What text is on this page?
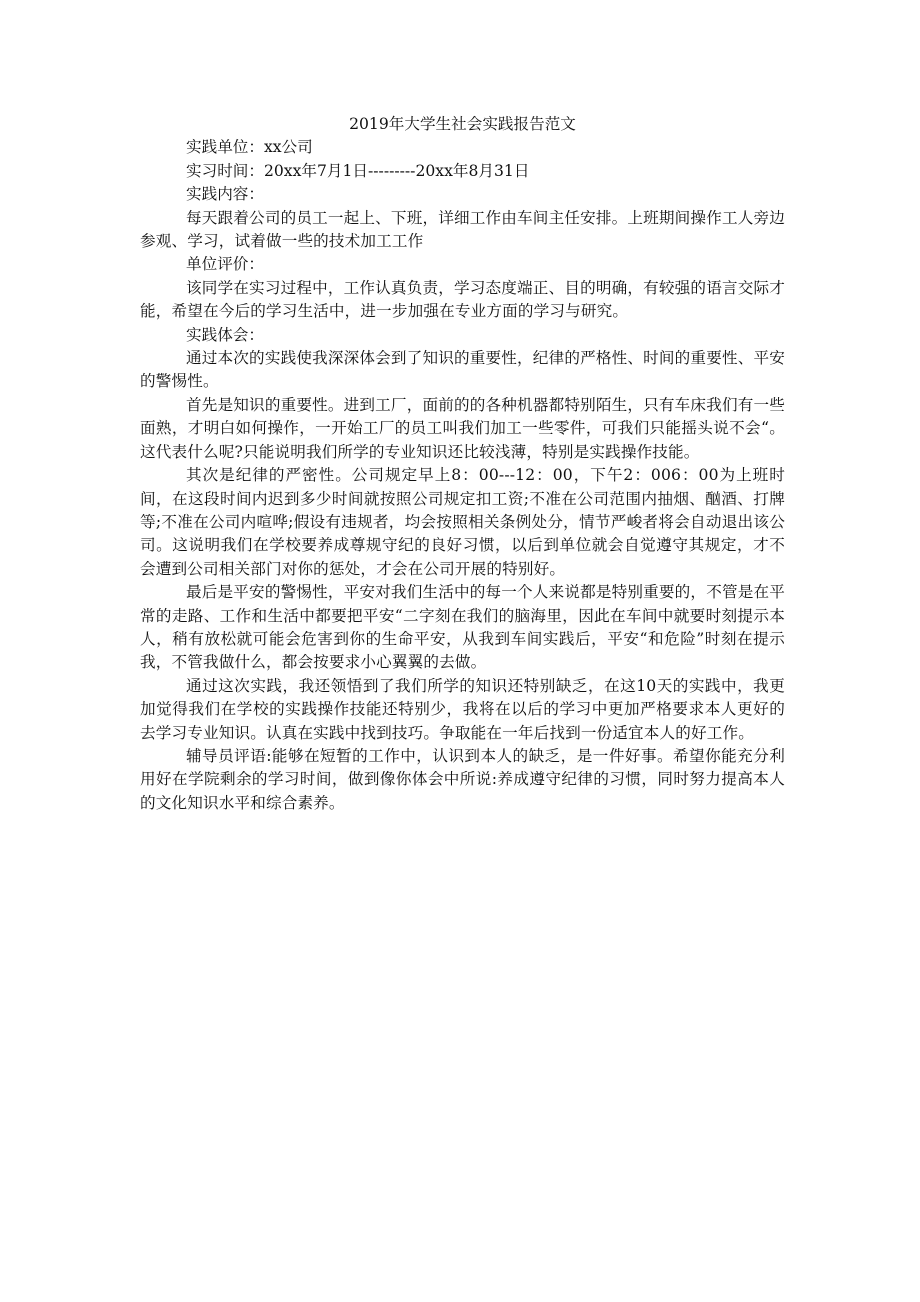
2019年大学生社会实践报告范文

实践单位：xx公司

实习时间：20xx年7月1日---------20xx年8月31日

实践内容：

每天跟着公司的员工一起上、下班，详细工作由车间主任安排。上班期间操作工人旁边参观、学习，试着做一些的技术加工工作

单位评价：

该同学在实习过程中，工作认真负责，学习态度端正、目的明确，有较强的语言交际才能，希望在今后的学习生活中，进一步加强在专业方面的学习与研究。

实践体会：

通过本次的实践使我深深体会到了知识的重要性，纪律的严格性、时间的重要性、平安的警惕性。

首先是知识的重要性。进到工厂，面前的的各种机器都特别陌生，只有车床我们有一些面熟，才明白如何操作，一开始工厂的员工叫我们加工一些零件，可我们只能摇头说不会“。这代表什么呢?只能说明我们所学的专业知识还比较浅薄，特别是实践操作技能。

其次是纪律的严密性。公司规定早上8：00---12：00，下午2：006：00为上班时间，在这段时间内迟到多少时间就按照公司规定扣工资;不准在公司范围内抽烟、酗酒、打牌等;不准在公司内喧哗;假设有违规者，均会按照相关条例处分，情节严峻者将会自动退出该公司。这说明我们在学校要养成尊规守纪的良好习惯，以后到单位就会自觉遵守其规定，才不会遭到公司相关部门对你的惩处，才会在公司开展的特别好。

最后是平安的警惕性，平安对我们生活中的每一个人来说都是特别重要的，不管是在平常的走路、工作和生活中都要把平安“二字刻在我们的脑海里，因此在车间中就要时刻提示本人，稍有放松就可能会危害到你的生命平安，从我到车间实践后，平安“和危险”时刻在提示我，不管我做什么，都会按要求小心翼翼的去做。

通过这次实践，我还领悟到了我们所学的知识还特别缺乏，在这10天的实践中，我更加觉得我们在学校的实践操作技能还特别少，我将在以后的学习中更加严格要求本人更好的去学习专业知识。认真在实践中找到技巧。争取能在一年后找到一份适宜本人的好工作。

辅导员评语:能够在短暂的工作中，认识到本人的缺乏，是一件好事。希望你能充分利用好在学院剩余的学习时间，做到像你体会中所说:养成遵守纪律的习惯，同时努力提高本人的文化知识水平和综合素养。
